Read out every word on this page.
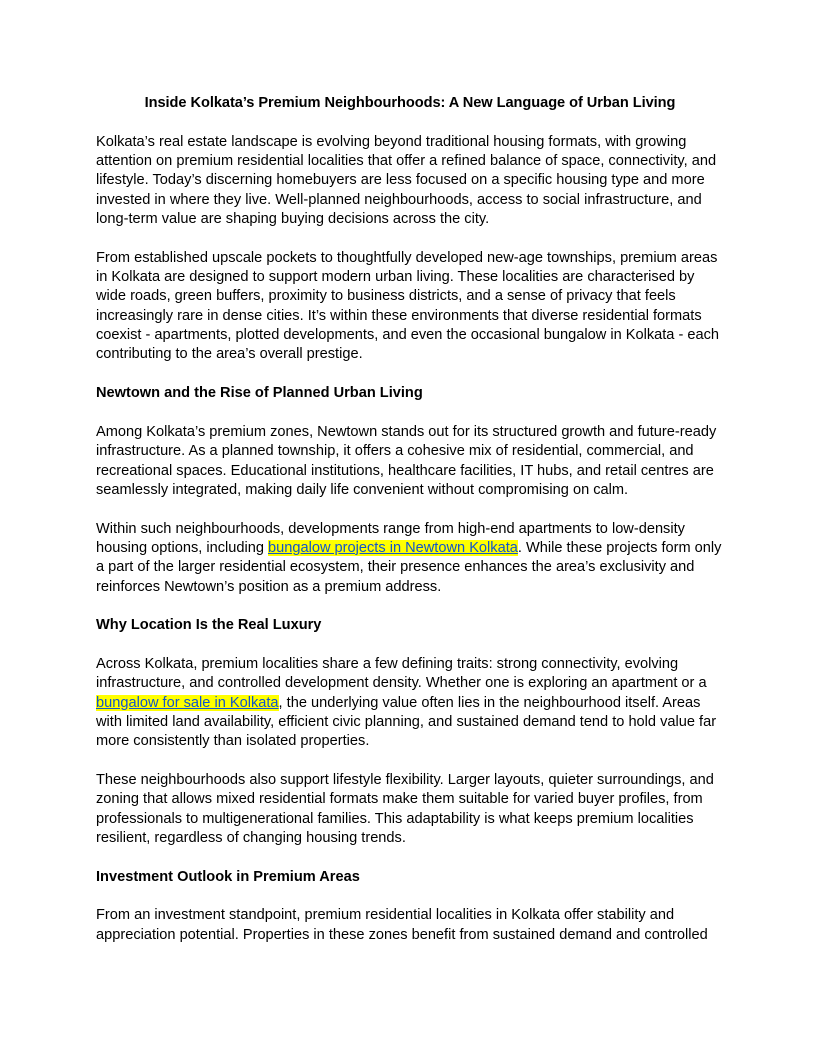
Inside Kolkata’s Premium Neighbourhoods: A New Language of Urban Living

Kolkata’s real estate landscape is evolving beyond traditional housing formats, with growing attention on premium residential localities that offer a refined balance of space, connectivity, and lifestyle. Today’s discerning homebuyers are less focused on a specific housing type and more invested in where they live. Well-planned neighbourhoods, access to social infrastructure, and long-term value are shaping buying decisions across the city.

From established upscale pockets to thoughtfully developed new-age townships, premium areas in Kolkata are designed to support modern urban living. These localities are characterised by wide roads, green buffers, proximity to business districts, and a sense of privacy that feels increasingly rare in dense cities. It’s within these environments that diverse residential formats coexist - apartments, plotted developments, and even the occasional bungalow in Kolkata - each contributing to the area’s overall prestige.

Newtown and the Rise of Planned Urban Living

Among Kolkata’s premium zones, Newtown stands out for its structured growth and future-ready infrastructure. As a planned township, it offers a cohesive mix of residential, commercial, and recreational spaces. Educational institutions, healthcare facilities, IT hubs, and retail centres are seamlessly integrated, making daily life convenient without compromising on calm.

Within such neighbourhoods, developments range from high-end apartments to low-density housing options, including bungalow projects in Newtown Kolkata. While these projects form only a part of the larger residential ecosystem, their presence enhances the area’s exclusivity and reinforces Newtown’s position as a premium address.

Why Location Is the Real Luxury

Across Kolkata, premium localities share a few defining traits: strong connectivity, evolving infrastructure, and controlled development density. Whether one is exploring an apartment or a bungalow for sale in Kolkata, the underlying value often lies in the neighbourhood itself. Areas with limited land availability, efficient civic planning, and sustained demand tend to hold value far more consistently than isolated properties.

These neighbourhoods also support lifestyle flexibility. Larger layouts, quieter surroundings, and zoning that allows mixed residential formats make them suitable for varied buyer profiles, from professionals to multigenerational families. This adaptability is what keeps premium localities resilient, regardless of changing housing trends.

Investment Outlook in Premium Areas

From an investment standpoint, premium residential localities in Kolkata offer stability and appreciation potential. Properties in these zones benefit from sustained demand and controlled
